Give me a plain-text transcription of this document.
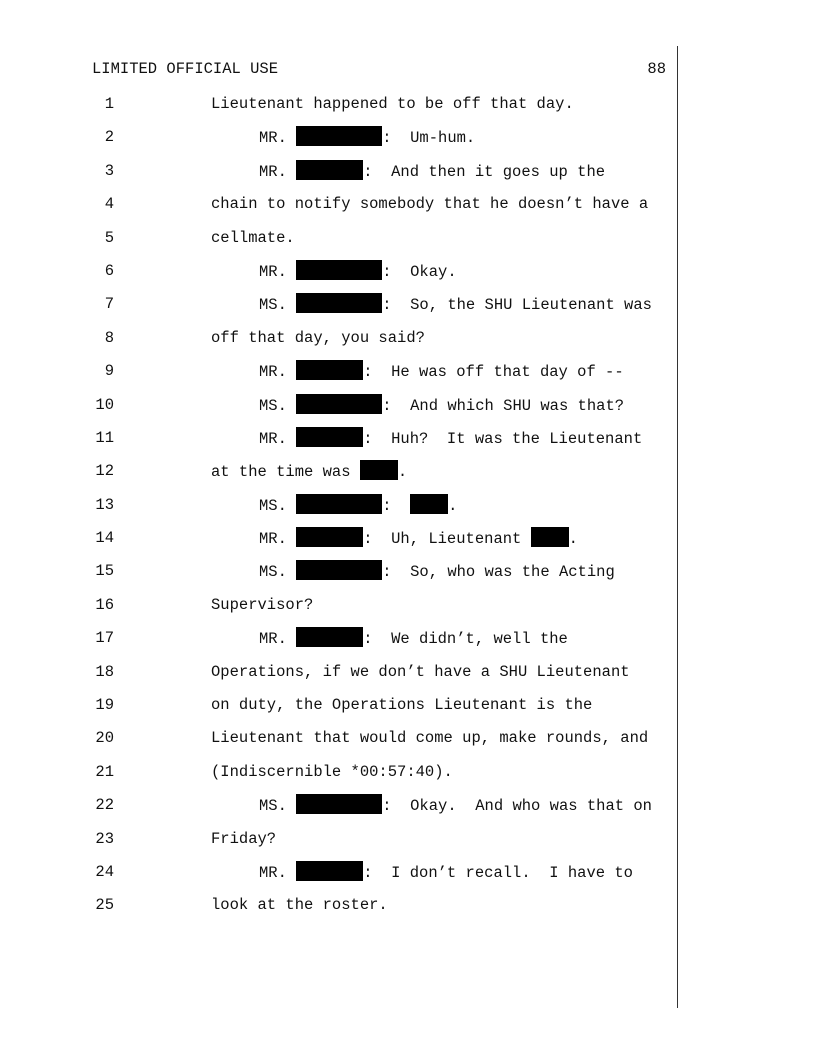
LIMITED OFFICIAL USE	88
1	Lieutenant happened to be off that day.
2	MR.	:  Um-hum.
3	MR.	:  And then it goes up the
4	chain to notify somebody that he doesn’t have a
5	cellmate.
6	MR.	:  Okay.
7	MS.	:  So, the SHU Lieutenant was
8	off that day, you said?
9	MR.	:  He was off that day of --
10	MS.	:  And which SHU was that?
11	MR.	:  Huh?  It was the Lieutenant
12	at the time was .
13	MS.	:  .
14	MR.	:  Uh, Lieutenant .
15	MS.	:  So, who was the Acting
16	Supervisor?
17	MR.	:  We didn’t, well the
18	Operations, if we don’t have a SHU Lieutenant
19	on duty, the Operations Lieutenant is the
20	Lieutenant that would come up, make rounds, and
21	(Indiscernible *00:57:40).
22	MS.	:  Okay.  And who was that on
23	Friday?
24	MR.	:  I don’t recall.  I have to
25	look at the roster.
